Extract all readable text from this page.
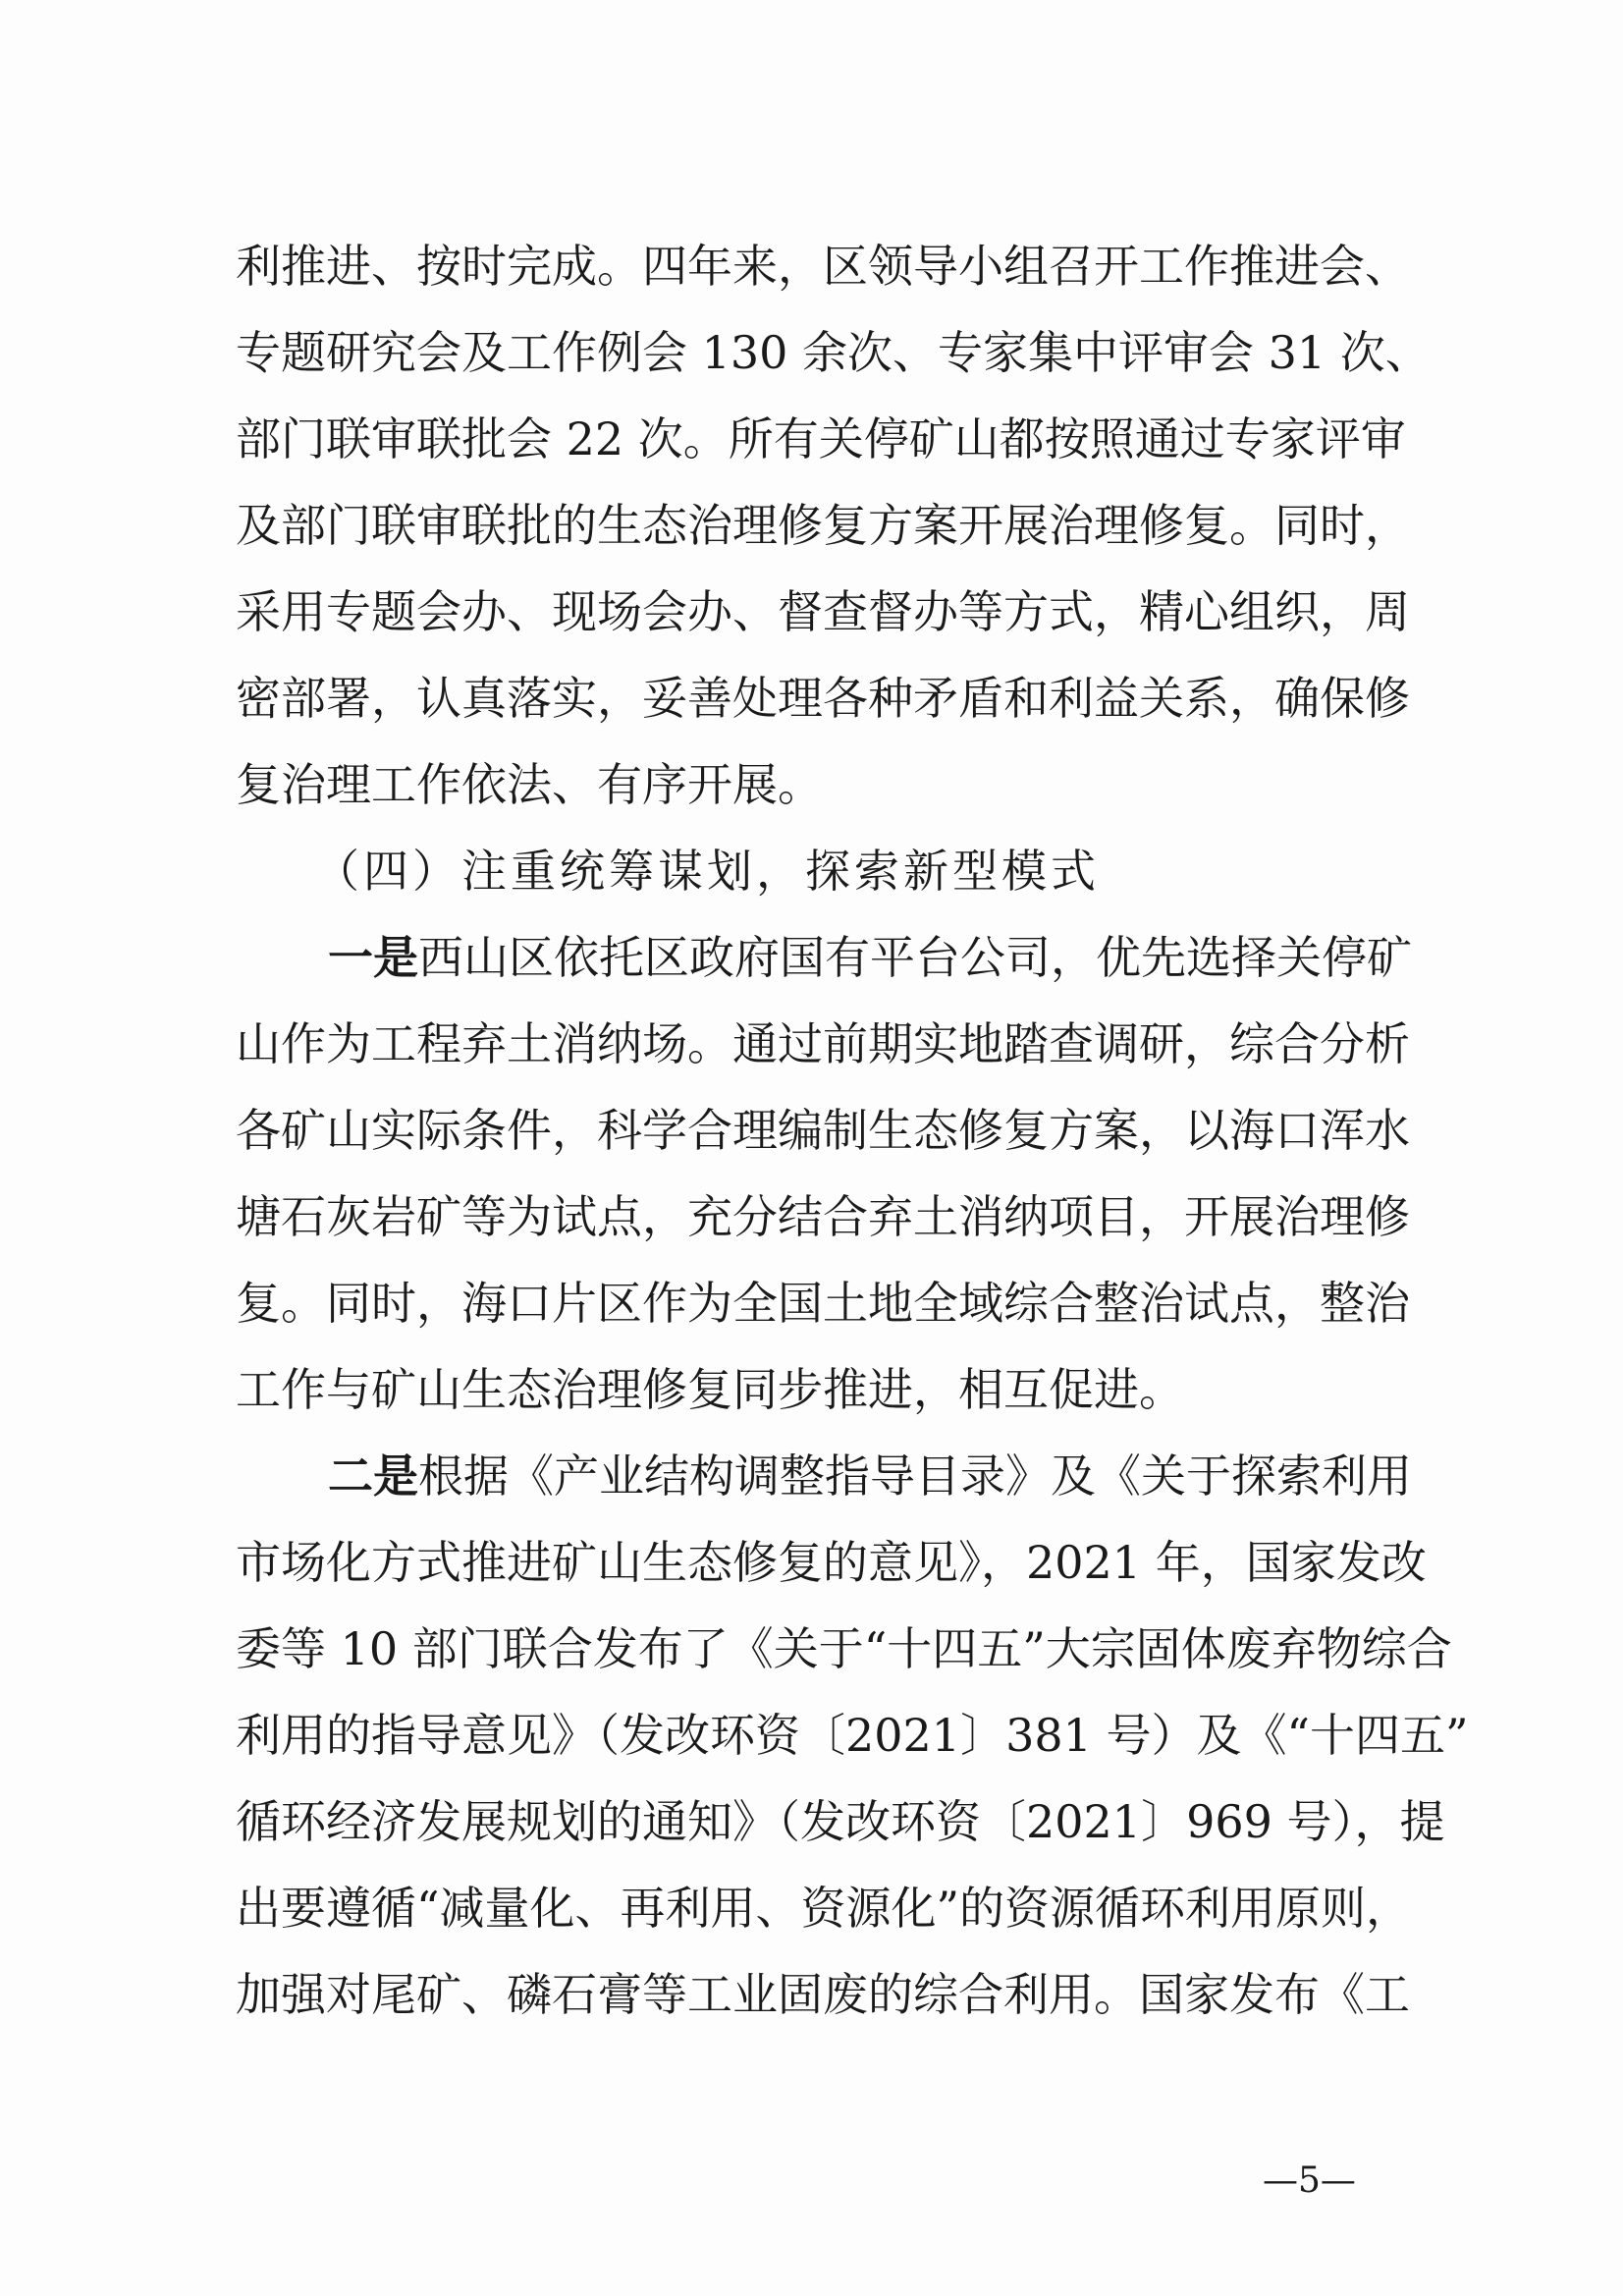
利推进、按时完成。四年来，区领导小组召开工作推进会、
专题研究会及工作例会 130 余次、专家集中评审会 31 次、
部门联审联批会 22 次。所有关停矿山都按照通过专家评审
及部门联审联批的生态治理修复方案开展治理修复。同时，
采用专题会办、现场会办、督查督办等方式，精心组织，周
密部署，认真落实，妥善处理各种矛盾和利益关系，确保修
复治理工作依法、有序开展。
（四）注重统筹谋划，探索新型模式
一是西山区依托区政府国有平台公司，优先选择关停矿
山作为工程弃土消纳场。通过前期实地踏查调研，综合分析
各矿山实际条件，科学合理编制生态修复方案，以海口浑水
塘石灰岩矿等为试点，充分结合弃土消纳项目，开展治理修
复。同时，海口片区作为全国土地全域综合整治试点，整治
工作与矿山生态治理修复同步推进，相互促进。
二是根据《产业结构调整指导目录》及《关于探索利用
市场化方式推进矿山生态修复的意见》，2021 年，国家发改
委等 10 部门联合发布了《关于“十四五”大宗固体废弃物综合
利用的指导意见》（发改环资〔2021〕381 号）及《“十四五”
循环经济发展规划的通知》（发改环资〔2021〕969 号），提
出要遵循“减量化、再利用、资源化”的资源循环利用原则，
加强对尾矿、磷石膏等工业固废的综合利用。国家发布《工
—5—
